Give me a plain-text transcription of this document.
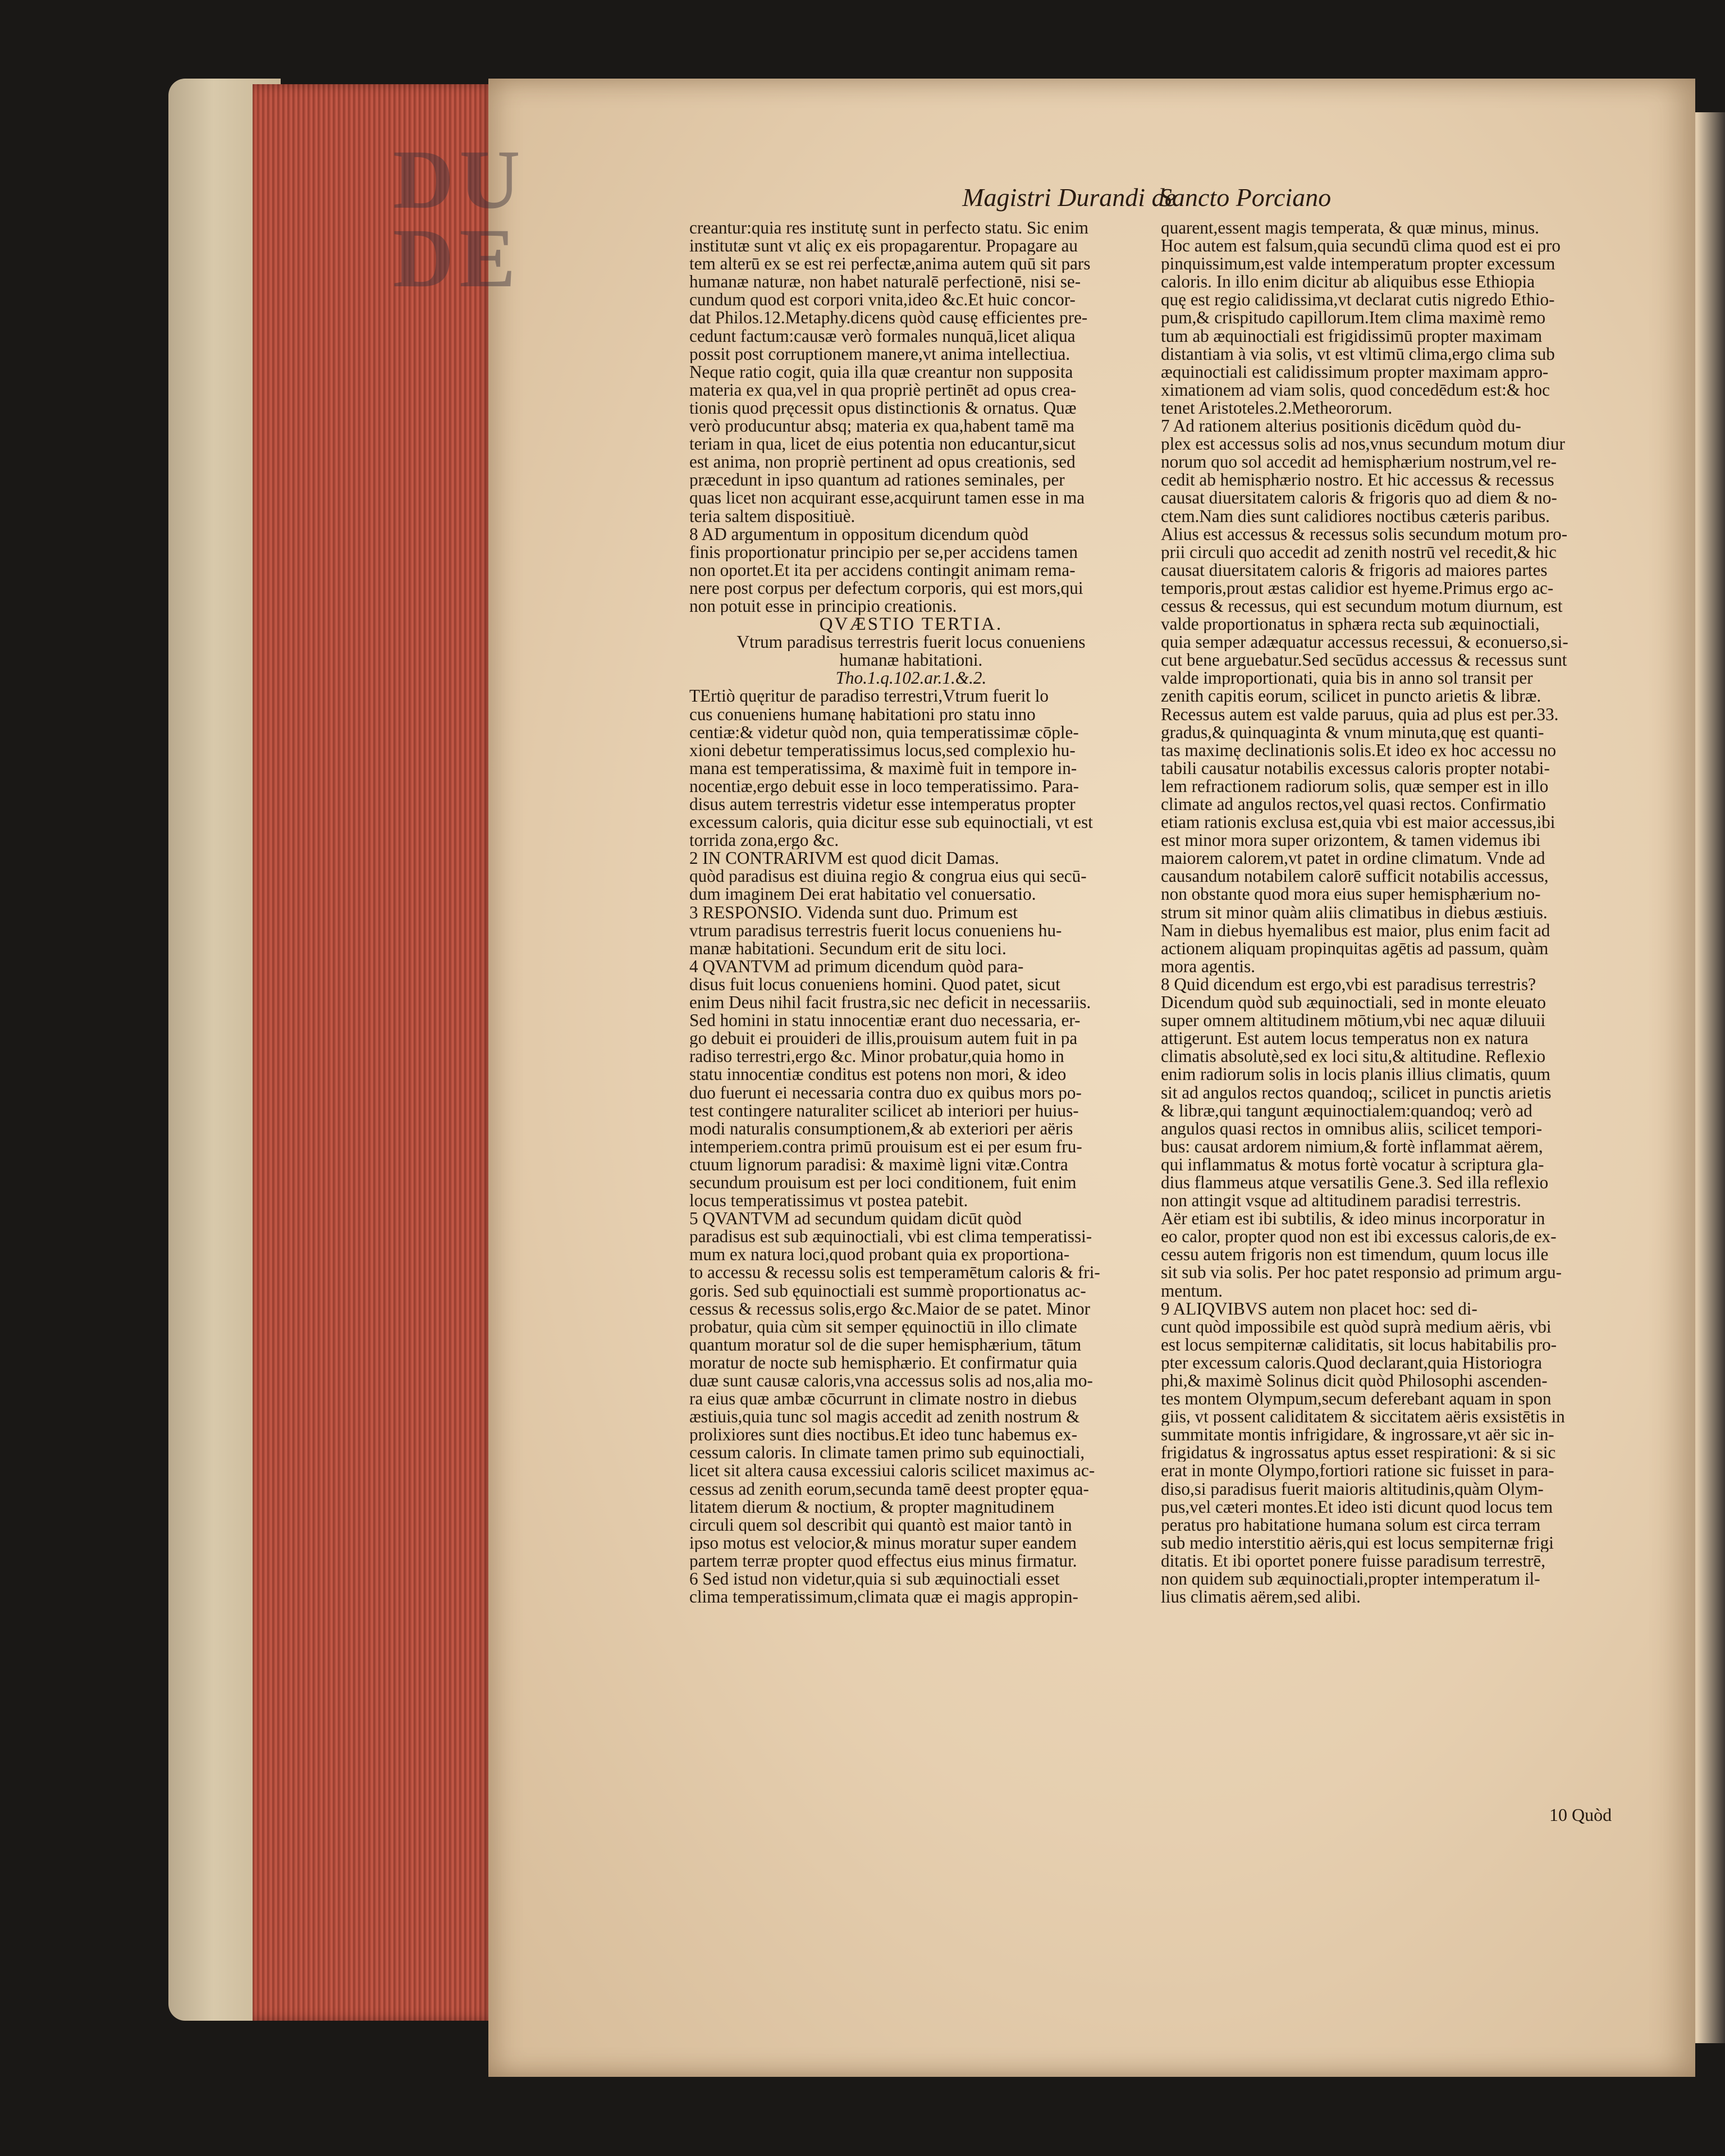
DU
DE
Magistri Durandi de
Sancto Porciano
creantur:quia res institutę sunt in perfecto statu. Sic enim
institutæ sunt vt aliç ex eis propagarentur. Propagare au
tem alterū ex se est rei perfectæ,anima autem quū sit pars
humanæ naturæ, non habet naturalē perfectionē, nisi se-
cundum quod est corpori vnita,ideo &c.Et huic concor-
dat Philos.12.Metaphy.dicens quòd causę efficientes pre-
cedunt factum:causæ verò formales nunquā,licet aliqua
possit post corruptionem manere,vt anima intellectiua.
Neque ratio cogit, quia illa quæ creantur non supposita
materia ex qua,vel in qua propriè pertinēt ad opus crea-
tionis quod pręcessit opus distinctionis & ornatus. Quæ
verò producuntur absq; materia ex qua,habent tamē ma
teriam in qua, licet de eius potentia non educantur,sicut
est anima, non propriè pertinent ad opus creationis, sed
præcedunt in ipso quantum ad rationes seminales, per
quas licet non acquirant esse,acquirunt tamen esse in ma
teria saltem dispositiuè.
8 AD argumentum in oppositum dicendum quòd
finis proportionatur principio per se,per accidens tamen
non oportet.Et ita per accidens contingit animam rema-
nere post corpus per defectum corporis, qui est mors,qui
non potuit esse in principio creationis.
QVÆSTIO TERTIA.
Vtrum paradisus terrestris fuerit locus conueniens
humanæ habitationi.
Tho.1.q.102.ar.1.&.2.
TErtiò quęritur de paradiso terrestri,Vtrum fuerit lo
cus conueniens humanę habitationi pro statu inno
centiæ:& videtur quòd non, quia temperatissimæ cōple-
xioni debetur temperatissimus locus,sed complexio hu-
mana est temperatissima, & maximè fuit in tempore in-
nocentiæ,ergo debuit esse in loco temperatissimo. Para-
disus autem terrestris videtur esse intemperatus propter
excessum caloris, quia dicitur esse sub equinoctiali, vt est
torrida zona,ergo &c.
2 IN CONTRARIVM est quod dicit Damas.
quòd paradisus est diuina regio & congrua eius qui secū-
dum imaginem Dei erat habitatio vel conuersatio.
3 RESPONSIO. Videnda sunt duo. Primum est
vtrum paradisus terrestris fuerit locus conueniens hu-
manæ habitationi. Secundum erit de situ loci.
4 QVANTVM ad primum dicendum quòd para-
disus fuit locus conueniens homini. Quod patet, sicut
enim Deus nihil facit frustra,sic nec deficit in necessariis.
Sed homini in statu innocentiæ erant duo necessaria, er-
go debuit ei prouideri de illis,prouisum autem fuit in pa
radiso terrestri,ergo &c. Minor probatur,quia homo in
statu innocentiæ conditus est potens non mori, & ideo
duo fuerunt ei necessaria contra duo ex quibus mors po-
test contingere naturaliter scilicet ab interiori per huius-
modi naturalis consumptionem,& ab exteriori per aëris
intemperiem.contra primū prouisum est ei per esum fru-
ctuum lignorum paradisi: & maximè ligni vitæ.Contra
secundum prouisum est per loci conditionem, fuit enim
locus temperatissimus vt postea patebit.
5 QVANTVM ad secundum quidam dicūt quòd
paradisus est sub æquinoctiali, vbi est clima temperatissi-
mum ex natura loci,quod probant quia ex proportiona-
to accessu & recessu solis est temperamētum caloris & fri-
goris. Sed sub ęquinoctiali est summè proportionatus ac-
cessus & recessus solis,ergo &c.Maior de se patet. Minor
probatur, quia cùm sit semper ęquinoctiū in illo climate
quantum moratur sol de die super hemisphærium, tātum
moratur de nocte sub hemisphærio. Et confirmatur quia
duæ sunt causæ caloris,vna accessus solis ad nos,alia mo-
ra eius quæ ambæ cōcurrunt in climate nostro in diebus
æstiuis,quia tunc sol magis accedit ad zenith nostrum &
prolixiores sunt dies noctibus.Et ideo tunc habemus ex-
cessum caloris. In climate tamen primo sub equinoctiali,
licet sit altera causa excessiui caloris scilicet maximus ac-
cessus ad zenith eorum,secunda tamē deest propter ęqua-
litatem dierum & noctium, & propter magnitudinem
circuli quem sol describit qui quantò est maior tantò in
ipso motus est velocior,& minus moratur super eandem
partem terræ propter quod effectus eius minus firmatur.
6 Sed istud non videtur,quia si sub æquinoctiali esset
clima temperatissimum,climata quæ ei magis appropin-
quarent,essent magis temperata, & quæ minus, minus.
Hoc autem est falsum,quia secundū clima quod est ei pro
pinquissimum,est valde intemperatum propter excessum
caloris. In illo enim dicitur ab aliquibus esse Ethiopia
quę est regio calidissima,vt declarat cutis nigredo Ethio-
pum,& crispitudo capillorum.Item clima maximè remo
tum ab æquinoctiali est frigidissimū propter maximam
distantiam à via solis, vt est vltimū clima,ergo clima sub
æquinoctiali est calidissimum propter maximam appro-
ximationem ad viam solis, quod concedēdum est:& hoc
tenet Aristoteles.2.Metheororum.
7 Ad rationem alterius positionis dicēdum quòd du-
plex est accessus solis ad nos,vnus secundum motum diur
norum quo sol accedit ad hemisphærium nostrum,vel re-
cedit ab hemisphærio nostro. Et hic accessus & recessus
causat diuersitatem caloris & frigoris quo ad diem & no-
ctem.Nam dies sunt calidiores noctibus cæteris paribus.
Alius est accessus & recessus solis secundum motum pro-
prii circuli quo accedit ad zenith nostrū vel recedit,& hic
causat diuersitatem caloris & frigoris ad maiores partes
temporis,prout æstas calidior est hyeme.Primus ergo ac-
cessus & recessus, qui est secundum motum diurnum, est
valde proportionatus in sphæra recta sub æquinoctiali,
quia semper adæquatur accessus recessui, & econuerso,si-
cut bene arguebatur.Sed secūdus accessus & recessus sunt
valde improportionati, quia bis in anno sol transit per
zenith capitis eorum, scilicet in puncto arietis & libræ.
Recessus autem est valde paruus, quia ad plus est per.33.
gradus,& quinquaginta & vnum minuta,quę est quanti-
tas maximę declinationis solis.Et ideo ex hoc accessu no
tabili causatur notabilis excessus caloris propter notabi-
lem refractionem radiorum solis, quæ semper est in illo
climate ad angulos rectos,vel quasi rectos. Confirmatio
etiam rationis exclusa est,quia vbi est maior accessus,ibi
est minor mora super orizontem, & tamen videmus ibi
maiorem calorem,vt patet in ordine climatum. Vnde ad
causandum notabilem calorē sufficit notabilis accessus,
non obstante quod mora eius super hemisphærium no-
strum sit minor quàm aliis climatibus in diebus æstiuis.
Nam in diebus hyemalibus est maior, plus enim facit ad
actionem aliquam propinquitas agētis ad passum, quàm
mora agentis.
8 Quid dicendum est ergo,vbi est paradisus terrestris?
Dicendum quòd sub æquinoctiali, sed in monte eleuato
super omnem altitudinem mōtium,vbi nec aquæ diluuii
attigerunt. Est autem locus temperatus non ex natura
climatis absolutè,sed ex loci situ,& altitudine. Reflexio
enim radiorum solis in locis planis illius climatis, quum
sit ad angulos rectos quandoq;, scilicet in punctis arietis
& libræ,qui tangunt æquinoctialem:quandoq; verò ad
angulos quasi rectos in omnibus aliis, scilicet tempori-
bus: causat ardorem nimium,& fortè inflammat aërem,
qui inflammatus & motus fortè vocatur à scriptura gla-
dius flammeus atque versatilis Gene.3. Sed illa reflexio
non attingit vsque ad altitudinem paradisi terrestris.
Aër etiam est ibi subtilis, & ideo minus incorporatur in
eo calor, propter quod non est ibi excessus caloris,de ex-
cessu autem frigoris non est timendum, quum locus ille
sit sub via solis. Per hoc patet responsio ad primum argu-
mentum.
9 ALIQVIBVS autem non placet hoc: sed di-
cunt quòd impossibile est quòd suprà medium aëris, vbi
est locus sempiternæ caliditatis, sit locus habitabilis pro-
pter excessum caloris.Quod declarant,quia Historiogra
phi,& maximè Solinus dicit quòd Philosophi ascenden-
tes montem Olympum,secum deferebant aquam in spon
giis, vt possent caliditatem & siccitatem aëris exsistētis in
summitate montis infrigidare, & ingrossare,vt aër sic in-
frigidatus & ingrossatus aptus esset respirationi: & si sic
erat in monte Olympo,fortiori ratione sic fuisset in para-
diso,si paradisus fuerit maioris altitudinis,quàm Olym-
pus,vel cæteri montes.Et ideo isti dicunt quod locus tem
peratus pro habitatione humana solum est circa terram
sub medio interstitio aëris,qui est locus sempiternæ frigi
ditatis. Et ibi oportet ponere fuisse paradisum terrestrē,
non quidem sub æquinoctiali,propter intemperatum il-
lius climatis aërem,sed alibi.
10 Quòd
